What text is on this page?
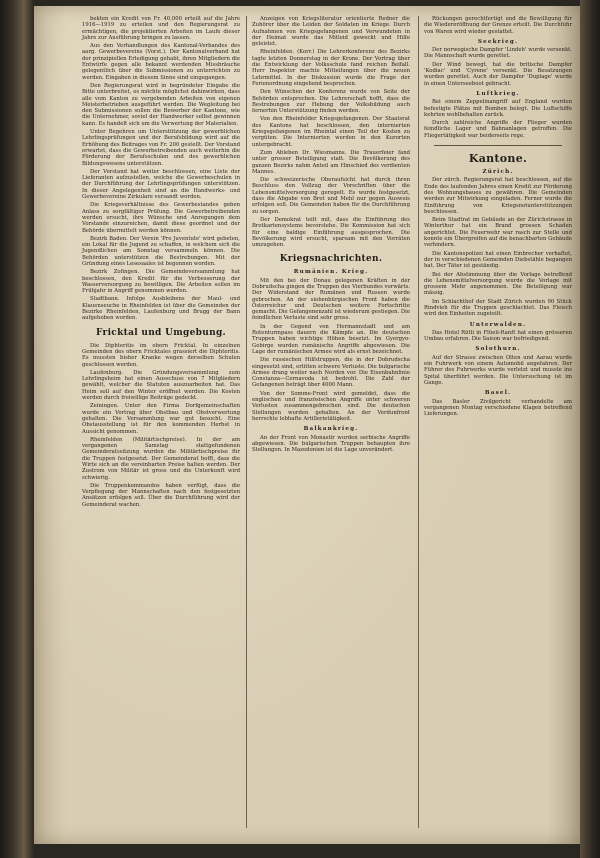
bekten ein Kredit von Fr. 40,000 erteilt auf die Jahre 1916—1919 zu erteilen und den Regierungsrat zu ermächtigen, die projektierten Arbeiten im Laufe dieser Jahre zur Ausführung bringen zu lassen.

Aus den Verhandlungen des Kantonal-Verbandes des aarg. Gewerbevereins (Vorst.). Der Kantonalverband hat der prinzipiellen Erledigung gehabt, ihren Mitgliedern die Entwürfe gegen alle bekannt werdenden Missbräuche gelegentlich über die Submissionen zu unterrichten zu werden. Eingaben in diesem Sinne sind eingegangen.

Den Regierungsrat wird in begründeter Eingabe die Bitte unterbreitet, es möchte möglichst dahinwirken, dass alle vom Kanton zu vergebenden Arbeiten von eigenen Meisterbetrieben ausgeführt werden. Die Wegleitung bei den Submissionen sollen die Bewerber der Kantone, wie die Unternehmer, soviel der Handwerker selbst gewinnen kann. Es handelt sich um die Verwertung der Materialien.

Unter Begehren um Unterstützung der gewerblichen Lehrlingsprüfungen und der Berufsbildung wird auf die Erhöhung des Beitrages von Fr. 200 gestellt. Der Vorstand erwartet, dass die Gewerbetreibenden auch weiterhin die Förderung der Berufsschulen und des gewerblichen Bildungswesens unterstützen.

Der Vorstand hat weiter beschlossen, eine Liste der Lieferanten aufzustellen, welche die Gewerbeschulen in der Durchführung der Lehrlingsprüfungen unterstützen. In dieser Angelegenheit sind an die Handwerks- und Gewerbevereine Zirkulare versandt worden.

Die Kriegsverhältnisse des Gewerbestandes geben Anlass zu sorgfältiger Prüfung. Die Gewerbetreibenden werden ersucht, ihre Wünsche und Anregungen dem Vorstande einzureichen, damit diese geordnet und der Behörde übermittelt werden können.

Bezirk Baden. Der Verein 'Pro Juventute' wird gebeten, ein Lokal für die Jugend zu schaffen, in welchem sich die Jugendlichen am Sonntag versammeln können. Die Behörden unterstützen die Bestrebungen. Mit der Gründung eines Lesesaales ist begonnen worden.

Bezirk Zofingen. Die Gemeindeversammlung hat beschlossen, den Kredit für die Verbesserung der Wasserversorgung zu bewilligen. Die Arbeiten sollen im Frühjahr in Angriff genommen werden.

Stadtbann. Infolge Ausbleibens der Maul- und Klauenseuche in Rheinfelden ist über die Gemeinden der Bezirke Rheinfelden, Laufenburg und Brugg der Bann aufgehoben worden.

Fricktal und Umgebung.

Die Diphteritis im obern Fricktal. In einzelnen Gemeinden des obern Fricktales grassiert die Diphteritis. Es mussten bisher Kranke wegen derselben Schulen geschlossen werden.

Laufenburg. Die Gründungsversammlung zum Lehrlingsheim hat einen Ausschuss von 7 Mitgliedern gewählt, welcher die Statuten auszuarbeiten hat. Das Heim soll auf den Winter eröffnet werden. Die Kosten werden durch freiwillige Beiträge gedeckt.

Zeiningen. Unter den Firma Dorfgemeinschaften wurde ein Vortrag über Obstbau und Obstverwertung gehalten. Die Versammlung war gut besucht. Eine Obstausstellung ist für den kommenden Herbst in Aussicht genommen.

Rheinfelden (Militärtischpreise). In der am vergangenen Samstag stattgefundenen Gemeinderatssitzung wurden die Militärtischpreise für die Truppen festgesetzt. Der Gemeinderat hofft, dass die Wirte sich an die vereinbarten Preise halten werden. Der Zustrom von Militär ist gross und die Unterkunft wird schwierig.

Die Truppenkommandos haben verfügt, dass die Verpflegung der Mannschaften nach den festgesetzten Ansätzen erfolgen soll. Über die Durchführung wird der Gemeinderat wachen.

Anzeigen von Kriegsliteratur orientierte Redner die Zuhörer über die Leiden der Soldaten im Kriege. Durch Aufnahmen von Kriegsgefangenen und Verwundeten in der Heimat wurde das Mitleid geweckt und Hilfe geleistet.

Rheinfelden. (Korr.) Die Lehrerkonferenz des Bezirks tagte letzten Donnerstag in der Krone. Der Vortrag über die Entwicklung der Volksschule fand reichen Beifall. Herr Inspektor machte Mitteilungen über die neuen Lehrmittel. In der Diskussion wurde die Frage der Ferienordnung eingehend besprochen.

Den Wünschen der Konferenz wurde von Seite der Behörden entsprochen. Die Lehrerschaft hofft, dass die Bestrebungen zur Hebung der Volksbildung auch fernerhin Unterstützung finden werden.

Von den Rheinfelder Kriegsgefangenen. Der Staatsrat des Kantons hat beschlossen, den internierten Kriegsgefangenen im Rheintal einen Teil der Kosten zu vergüten. Die Internierten werden in den Kurorten untergebracht.

Zum Ableben Dr. Wiesmanns. Die Trauerfeier fand unter grosser Beteiligung statt. Die Bevölkerung des ganzen Bezirks nahm Anteil am Hinschied des verdienten Mannes.

Die schweizerische Oberaufsicht hat durch ihren Beschluss den Vollzug der Vorschriften über die Lebensmittelversorgung geregelt. Es wurde festgesetzt, dass die Abgabe von Brot und Mehl nur gegen Ausweis erfolgen soll. Die Gemeinden haben für die Durchführung zu sorgen.

Der Demokrat teilt mit, dass die Einführung des Brotkartensystems bevorstehe. Die Kommission hat sich für eine baldige Einführung ausgesprochen. Die Bevölkerung wird ersucht, sparsam mit den Vorräten umzugehen.

Kriegsnachrichten.
Rumänien. Krieg.

Mit den bei der Donau gelegenen Kräften in der Dobrudscha gingen die Truppen des Vierbundes vorwärts. Der Widerstand der Rumänen und Russen wurde gebrochen. An der siebenbürgischen Front haben die Österreicher und Deutschen weitere Fortschritte gemacht. Die Gefangenenzahl ist wiederum gestiegen. Die feindlichen Verluste sind sehr gross.

In der Gegend von Hermannstadt und am Rotenturmpass dauern die Kämpfe an. Die deutschen Truppen haben wichtige Höhen besetzt. Im Gyergyo-Gebirge wurden rumänische Angriffe abgewiesen. Die Lage der rumänischen Armee wird als ernst bezeichnet.

Die russischen Hilfstruppen, die in der Dobrudscha eingesetzt sind, erlitten schwere Verluste. Die bulgarische Armee drang weiter nach Norden vor. Die Eisenbahnlinie Constanza—Cernavoda ist bedroht. Die Zahl der Gefangenen beträgt über 4000 Mann.

Von der Somme-Front wird gemeldet, dass die englischen und französischen Angriffe unter schweren Verlusten zusammengebrochen sind. Die deutschen Stellungen wurden gehalten. An der Verdunfront herrschte lebhafte Artillerietätigkeit.

Balkankrieg.

An der Front von Monastir wurden serbische Angriffe abgewiesen. Die bulgarischen Truppen behaupten ihre Stellungen. In Mazedonien ist die Lage unverändert.

Rückungen gerechtfertigt und die Bewilligung für die Wiedereröffnung der Grenze erteilt. Die Durchfuhr von Waren wird wieder gestattet.

Seekrieg.

Der norwegische Dampfer 'Lindeh' wurde versenkt. Die Mannschaft wurde gerettet.

Der Wind bewegt, hat die britische Dampfer 'Kodiac' und 'Cyrene' versenkt. Die Besatzungen wurden gerettet. Auch der Dampfer 'Duplage' wurde in einen Unterseeboot gebracht.

Luftkrieg.

Bei einem Zeppelinangriff auf England wurden befestigte Plätze mit Bomben belegt. Die Luftschiffe kehrten wohlbehalten zurück.

Durch zahlreiche Angriffe der Flieger wurden feindliche Lager und Bahnanlagen getroffen. Die Fliegertätigkeit war beiderseits rege.

Kantone.
Zürich.

Der zürch. Regierungsrat hat beschlossen, auf die Ende des laufenden Jahres einen Kredit zur Förderung des Wohnungsbaues zu gewähren. Die Gemeinden werden zur Mitwirkung eingeladen. Ferner wurde die Einführung von Kriegsnotunterstützungen beschlossen.

Beim Stadtrat im Gebäude an der Zürichstrasse in Winterthur hat ein Brand grossen Schaden angerichtet. Die Feuerwehr war rasch zur Stelle und konnte ein Übergreifen auf die benachbarten Gebäude verhindern.

Die Kantonspolizei hat einen Einbrecher verhaftet, der in verschiedenen Gemeinden Diebstähle begangen hat. Der Täter ist geständig.

Bei der Abstimmung über die Vorlage betreffend die Lebensmittelversorgung wurde die Vorlage mit grossem Mehr angenommen. Die Beteiligung war mässig.

Im Schlachthof der Stadt Zürich wurden 90 Stück Rindvieh für die Truppen geschlachtet. Das Fleisch wird den Einheiten zugeteilt.

Unterwalden.

Das Hotel Rütli in Flüeli-Ranft hat einen grösseren Umbau erfahren. Die Saison war befriedigend.

Solothurn.

Auf der Strasse zwischen Olten und Aarau wurde ein Fuhrwerk von einem Automobil angefahren. Der Führer des Fuhrwerks wurde verletzt und musste ins Spital überführt werden. Die Untersuchung ist im Gange.

Basel.

Das Basler Zivilgericht verhandelte am vergangenen Montag verschiedene Klagen betreffend Lieferungen.
